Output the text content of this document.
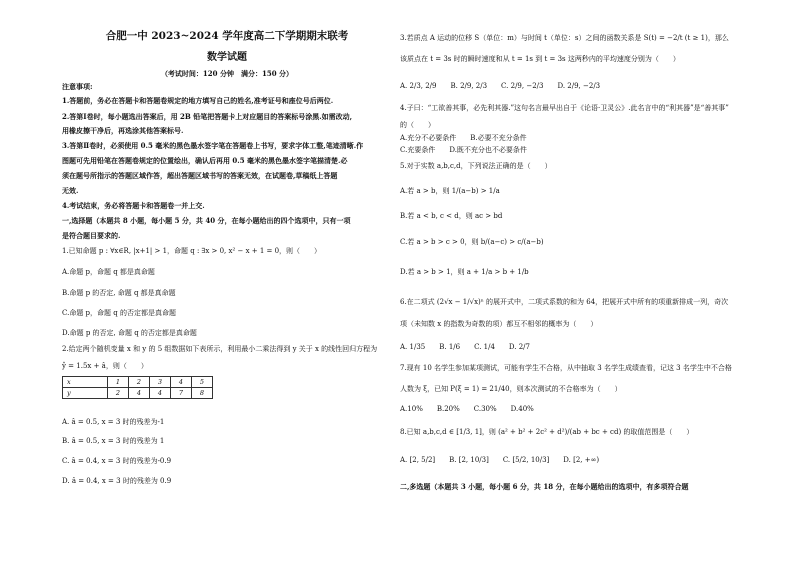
合肥一中 2023~2024 学年度高二下学期期末联考
数学试题
（考试时间：120 分钟　满分：150 分）
注意事项:
1.答题前，务必在答题卡和答题卷规定的地方填写自己的姓名,准考证号和座位号后两位.
2.答第Ⅰ卷时，每小题选出答案后，用 2B 铅笔把答题卡上对应题目的答案标号涂黑.如需改动,
用橡皮擦干净后，再选涂其他答案标号.
3.答第Ⅱ卷时，必须使用 0.5 毫米的黑色墨水签字笔在答题卷上书写，要求字体工整,笔迹清晰.作
图题可先用铅笔在答题卷规定的位置绘出，确认后再用 0.5 毫米的黑色墨水签字笔描清楚.必
须在题号所指示的答题区域作答，超出答题区域书写的答案无效，在试题卷,草稿纸上答题
无效.
4.考试结束，务必将答题卡和答题卷一并上交.
一,选择题（本题共 8 小题，每小题 5 分，共 40 分，在每小题给出的四个选项中，只有一项
是符合题目要求的.
1.已知命题 p : ∀x∈R, |x+1| > 1，命题 q : ∃x > 0, x² − x + 1 = 0，则（　　）
A.命题 p，命题 q 都是真命题
B.命题 p 的否定, 命题 q 都是真命题
C.命题 p，命题 q 的否定都是真命题
D.命题 p 的否定, 命题 q 的否定都是真命题
2.给定两个随机变量 x 和 y 的 5 组数据如下表所示，利用最小二乘法得到 y 关于 x 的线性回归方程为
ŷ = 1.5x + â，则（　　）
x	1	2	3	4	5
y	2	4	4	7	8
A. â = 0.5, x = 3 时的残差为-1
B. â = 0.5, x = 3 时的残差为 1
C. â = 0.4, x = 3 时的残差为-0.9
D. â = 0.4, x = 3 时的残差为 0.9
3.若质点 A 运动的位移 S（单位：m）与时间 t（单位：s）之间的函数关系是 S(t) = −2/t (t ≥ 1)，那么
该质点在 t = 3s 时的瞬时速度和从 t = 1s 到 t = 3s 这两秒内的平均速度分别为（　　）
A. 2/3, 2/9　　B. 2/9, 2/3　　C. 2/9, −2/3　　D. 2/9, −2/3
4.子曰：“工欲善其事，必先利其器.”这句名言最早出自于《论语·卫灵公》.此名言中的“利其器”是“善其事”
的（　　）
A.充分不必要条件　　B.必要不充分条件
C.充要条件　　D.既不充分也不必要条件
5.对于实数 a,b,c,d，下列说法正确的是（　　）
A.若 a > b，则 1/(a−b) > 1/a
B.若 a < b, c < d，则 ac > bd
C.若 a > b > c > 0，则 b/(a−c) > c/(a−b)
D.若 a > b > 1，则 a + 1/a > b + 1/b
6.在二项式 (2√x − 1/√x)ⁿ 的展开式中，二项式系数的和为 64，把展开式中所有的项重新排成一列，奇次
项（未知数 x 的指数为奇数的项）都互不相邻的概率为（　　）
A. 1/35　　B. 1/6　　C. 1/4　　D. 2/7
7.现有 10 名学生参加某项测试，可能有学生不合格，从中抽取 3 名学生成绩查看，记这 3 名学生中不合格
人数为 ξ，已知 P(ξ = 1) = 21/40，则本次测试的不合格率为（　　）
A.10%　　B.20%　　C.30%　　D.40%
8.已知 a,b,c,d ∈ [1/3, 1]，则 (a² + b² + 2c² + d²)/(ab + bc + cd) 的取值范围是（　　）
A. [2, 5/2]　　B. [2, 10/3]　　C. [5/2, 10/3]　　D. [2, +∞)
二,多选题（本题共 3 小题，每小题 6 分，共 18 分，在每小题给出的选项中，有多项符合题
